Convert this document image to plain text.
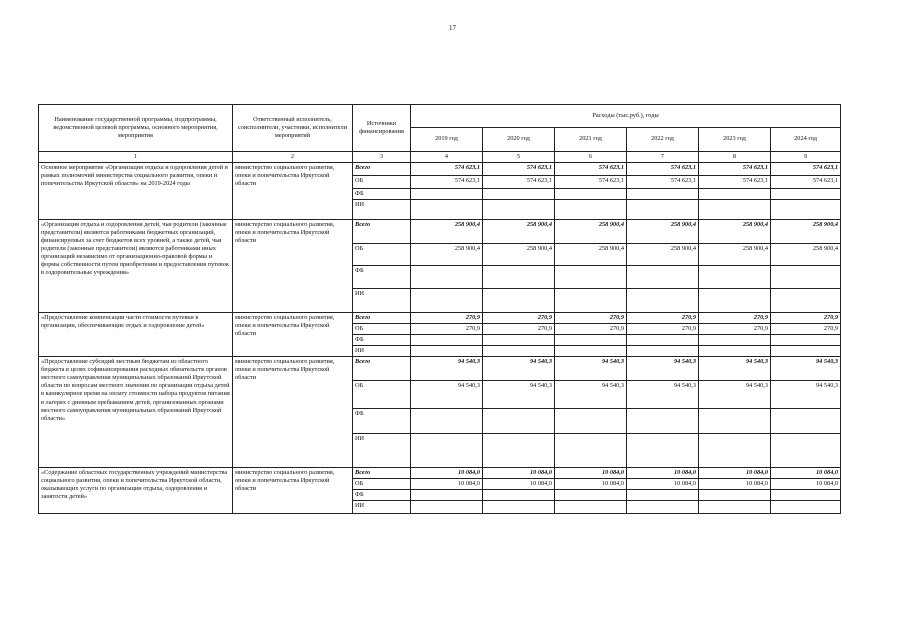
17
Наименование государственной программы, подпрограммы, ведомственной целевой программы, основного мероприятия, мероприятия	Ответственный исполнитель, соисполнители, участники, исполнители мероприятий	Источники финансирования	Расходы (тыс.руб.), годы					
			2019 год	2020 год	2021 год	2022 год	2023 год	2024 год
1	2	3	4	5	6	7	8	9
Основное мероприятие «Организация отдыха и оздоровления детей в рамках полномочий министерства социального развития, опеки и попечительства Иркутской области» на 2019-2024 годы	министерство социального развития, опеки и попечительства Иркутской области	Всего	574 623,1	574 623,1	574 623,1	574 623,1	574 623,1	574 623,1
		ОБ	574 623,1	574 623,1	574 623,1	574 623,1	574 623,1	574 623,1
		ФБ						
		ИИ						
«Организация отдыха и оздоровления детей, чьи родители (законные представители) являются работниками бюджетных организаций, финансируемых за счет бюджетов всех уровней, а также детей, чьи родители (законные представители) являются работниками иных организаций независимо от организационно-правовой формы и формы собственности путем приобретения и предоставления путевок в оздоровительные учреждения»	министерство социального развития, опеки и попечительства Иркутской области	Всего	258 900,4	258 900,4	258 900,4	258 900,4	258 900,4	258 900,4
		ОБ	258 900,4	258 900,4	258 900,4	258 900,4	258 900,4	258 900,4
		ФБ						
		ИИ						
«Предоставление компенсации части стоимости путевки в организации, обеспечивающие отдых и оздоровление детей»	министерство социального развития, опеки и попечительства Иркутской области	Всего	270,9	270,9	270,9	270,9	270,9	270,9
		ОБ	270,9	270,9	270,9	270,9	270,9	270,9
		ФБ						
		ИИ						
«Предоставление субсидий местным бюджетам из областного бюджета в целях софинансирования расходных обязательств органов местного самоуправления муниципальных образований Иркутской области по вопросам местного значения по организации отдыха детей в каникулярное время на оплату стоимости набора продуктов питания в лагерях с дневным пребыванием детей, организованных органами местного самоуправления муниципальных образований Иркутской области»	министерство социального развития, опеки и попечительства Иркутской области	Всего	94 540,3	94 540,3	94 540,3	94 540,3	94 540,3	94 540,3
		ОБ	94 540,3	94 540,3	94 540,3	94 540,3	94 540,3	94 540,3
		ФБ						
		ИИ						
«Содержание областных государственных учреждений министерства социального развития, опеки и попечительства Иркутской области, оказывающих услуги по организации отдыха, оздоровления и занятости детей»	министерство социального развития, опеки и попечительства Иркутской области	Всего	10 084,0	10 084,0	10 084,0	10 084,0	10 084,0	10 084,0
		ОБ	10 084,0	10 084,0	10 084,0	10 084,0	10 084,0	10 084,0
		ФБ						
		ИИ						
